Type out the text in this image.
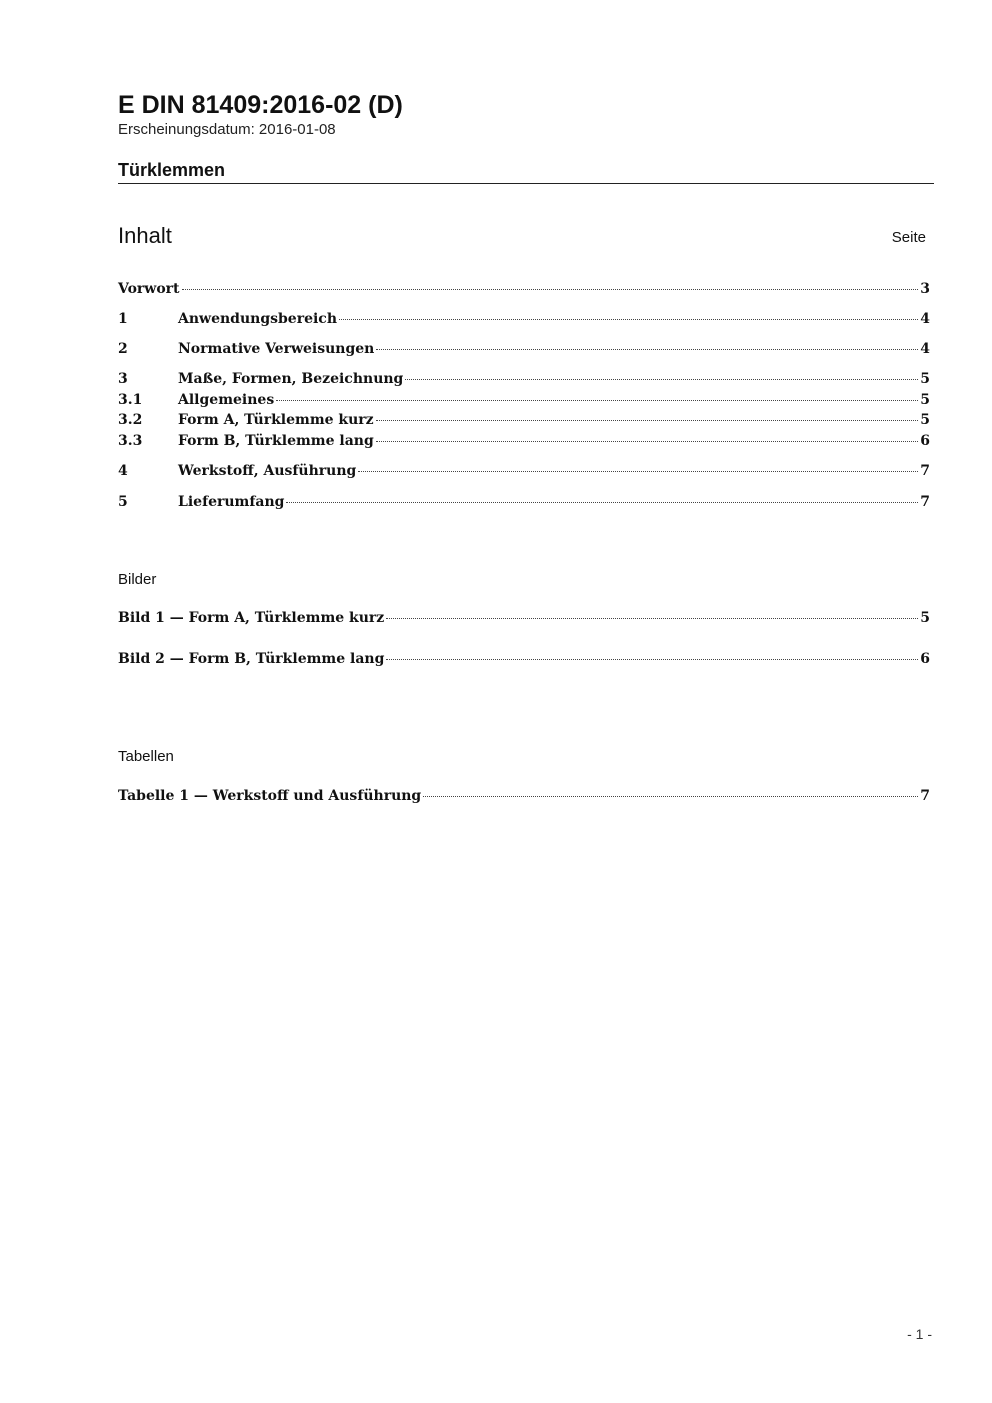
E DIN 81409:2016-02 (D)
Erscheinungsdatum: 2016-01-08
Türklemmen
Inhalt	Seite
Vorwort	3
1	Anwendungsbereich	4
2	Normative Verweisungen	4
3	Maße, Formen, Bezeichnung	5
3.1	Allgemeines	5
3.2	Form A, Türklemme kurz	5
3.3	Form B, Türklemme lang	6
4	Werkstoff, Ausführung	7
5	Lieferumfang	7
Bild 1 — Form A, Türklemme kurz	5
Bild 2 — Form B, Türklemme lang	6
Tabelle 1 — Werkstoff und Ausführung	7
Bilder
Tabellen
- 1 -
